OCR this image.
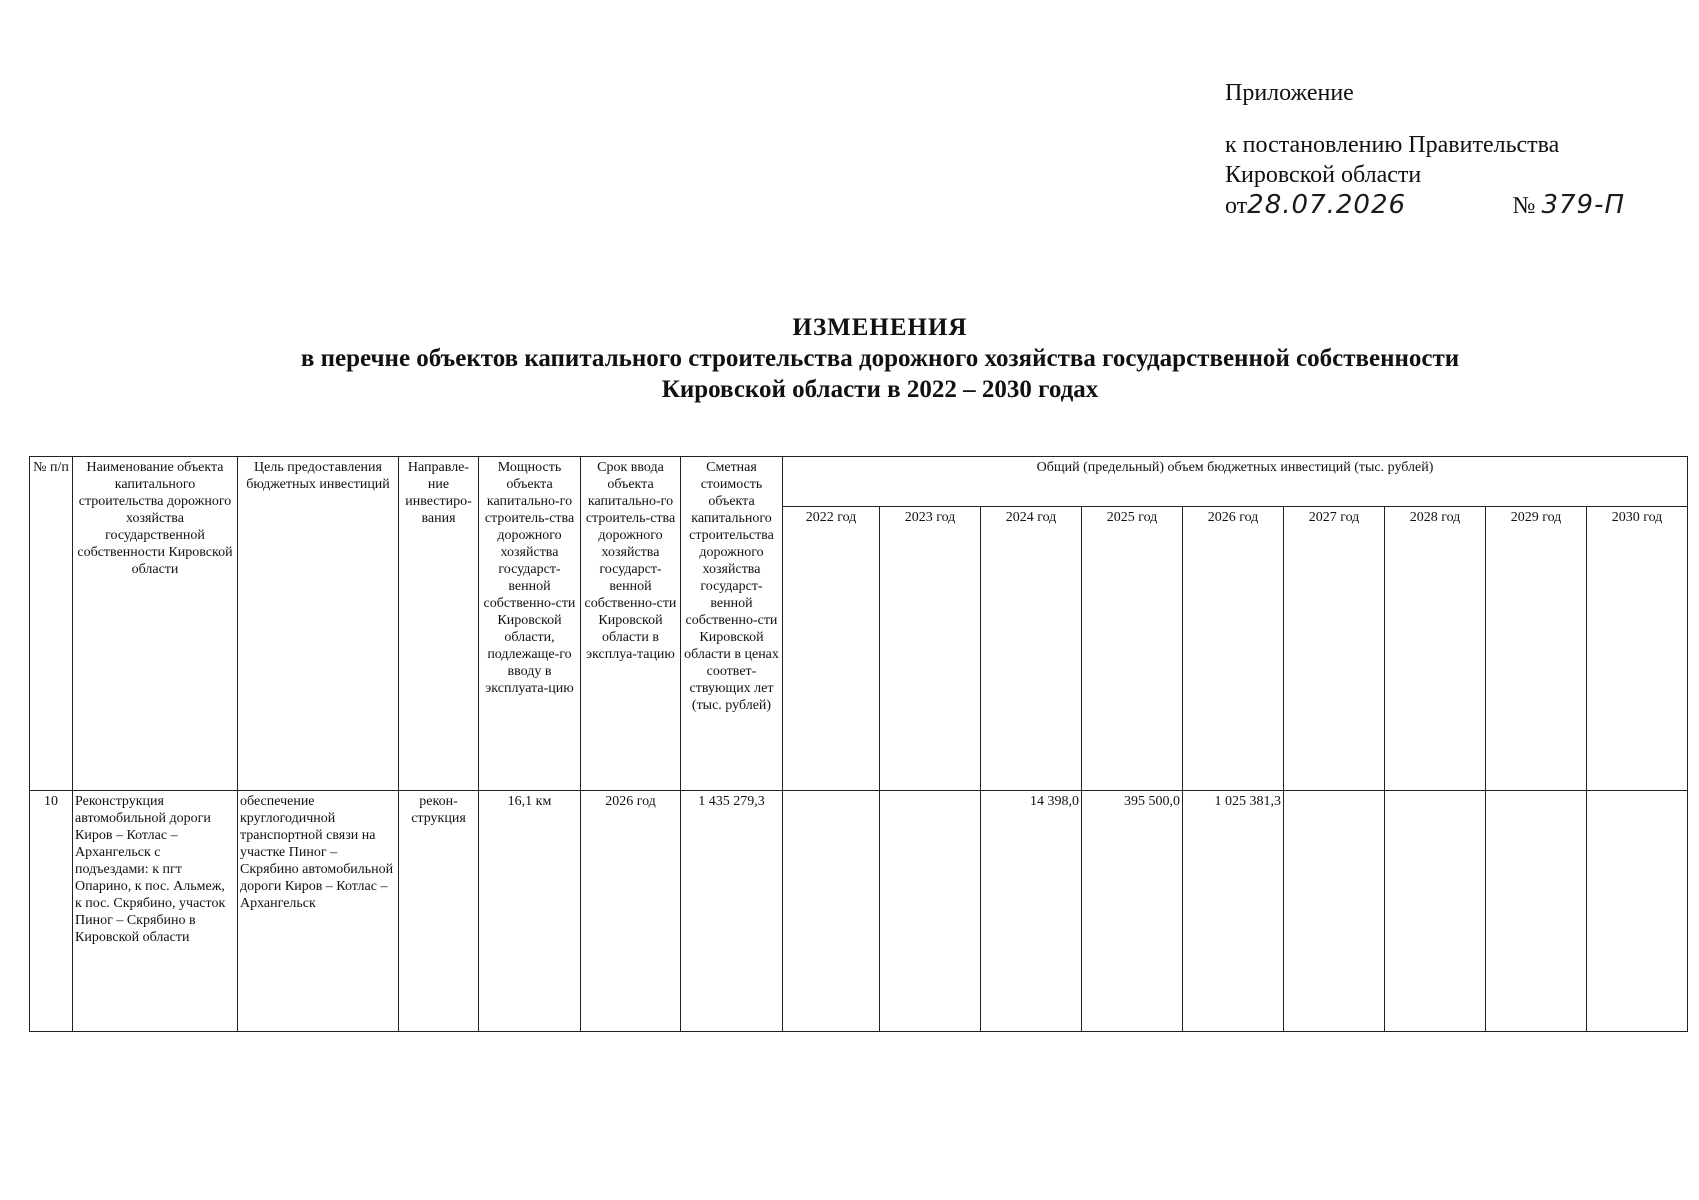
Приложение
к постановлению Правительства
Кировской области
от28.07.2026	№ 379-П
ИЗМЕНЕНИЯ
в перечне объектов капитального строительства дорожного хозяйства государственной собственности
Кировской области в 2022 – 2030 годах
№ п/п	Наименование объекта капитального строительства дорожного хозяйства государственной собственности Кировской области	Цель предоставления бюджетных инвестиций	Направле-ние инвестиро-вания	Мощность объекта капитально-го строитель-ства дорожного хозяйства государст-венной собственно-сти Кировской области, подлежаще-го вводу в эксплуата-цию	Срок ввода объекта капитально-го строитель-ства дорожного хозяйства государст-венной собственно-сти Кировской области в эксплуа-тацию	Сметная стоимость объекта капитального строительства дорожного хозяйства государст-венной собственно-сти Кировской области в ценах соответ-ствующих лет (тыс. рублей)	Общий (предельный) объем бюджетных инвестиций (тыс. рублей)								
							2022 год	2023 год	2024 год	2025 год	2026 год	2027 год	2028 год	2029 год	2030 год
10	Реконструкция автомобильной дороги Киров – Котлас – Архангельск с подъездами: к пгт Опарино, к пос. Альмеж, к пос. Скрябино, участок Пиног – Скрябино в Кировской области	обеспечение круглогодичной транспортной связи на участке Пиног – Скрябино автомобильной дороги Киров – Котлас – Архангельск	рекон-струкция	16,1 км	2026 год	1 435 279,3			14 398,0	395 500,0	1 025 381,3				
